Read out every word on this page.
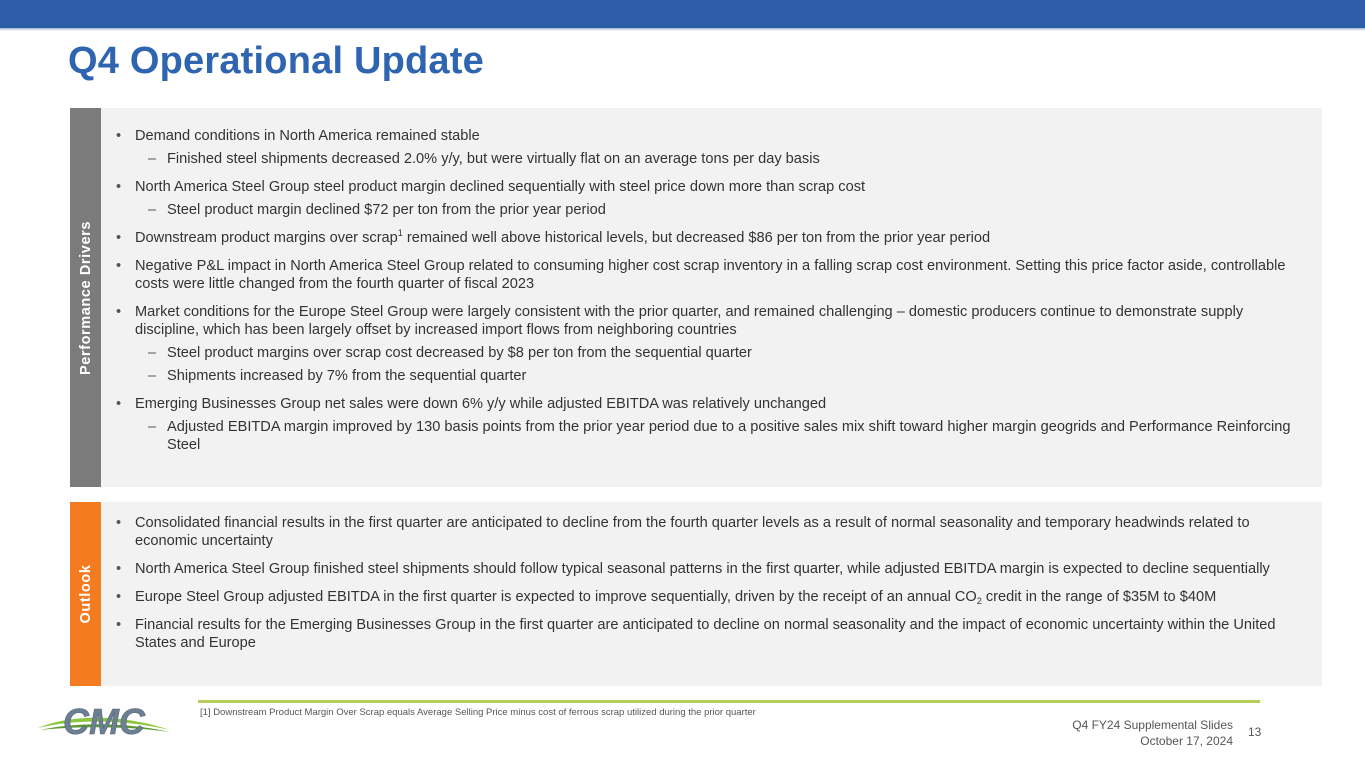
Q4 Operational Update
Performance Drivers
• Demand conditions in North America remained stable
– Finished steel shipments decreased 2.0% y/y, but were virtually flat on an average tons per day basis
• North America Steel Group steel product margin declined sequentially with steel price down more than scrap cost
– Steel product margin declined $72 per ton from the prior year period
• Downstream product margins over scrap$^1$ remained well above historical levels, but decreased $86 per ton from the prior year period
• Negative P&L impact in North America Steel Group related to consuming higher cost scrap inventory in a falling scrap cost environment. Setting this price factor aside, controllable costs were little changed from the fourth quarter of fiscal 2023
• Market conditions for the Europe Steel Group were largely consistent with the prior quarter, and remained challenging – domestic producers continue to demonstrate supply discipline, which has been largely offset by increased import flows from neighboring countries
– Steel product margins over scrap cost decreased by $8 per ton from the sequential quarter
– Shipments increased by 7% from the sequential quarter
• Emerging Businesses Group net sales were down 6% y/y while adjusted EBITDA was relatively unchanged
– Adjusted EBITDA margin improved by 130 basis points from the prior year period due to a positive sales mix shift toward higher margin geogrids and Performance Reinforcing Steel
Outlook
• Consolidated financial results in the first quarter are anticipated to decline from the fourth quarter levels as a result of normal seasonality and temporary headwinds related to economic uncertainty
• North America Steel Group finished steel shipments should follow typical seasonal patterns in the first quarter, while adjusted EBITDA margin is expected to decline sequentially
• Europe Steel Group adjusted EBITDA in the first quarter is expected to improve sequentially, driven by the receipt of an annual $CO_2$ credit in the range of $35M to $40M
• Financial results for the Emerging Businesses Group in the first quarter are anticipated to decline on normal seasonality and the impact of economic uncertainty within the United States and Europe
CMC	[1] Downstream Product Margin Over Scrap equals Average Selling Price minus cost of ferrous scrap utilized during the prior quarter
Q4 FY24 Supplemental Slides
October 17, 2024
13
